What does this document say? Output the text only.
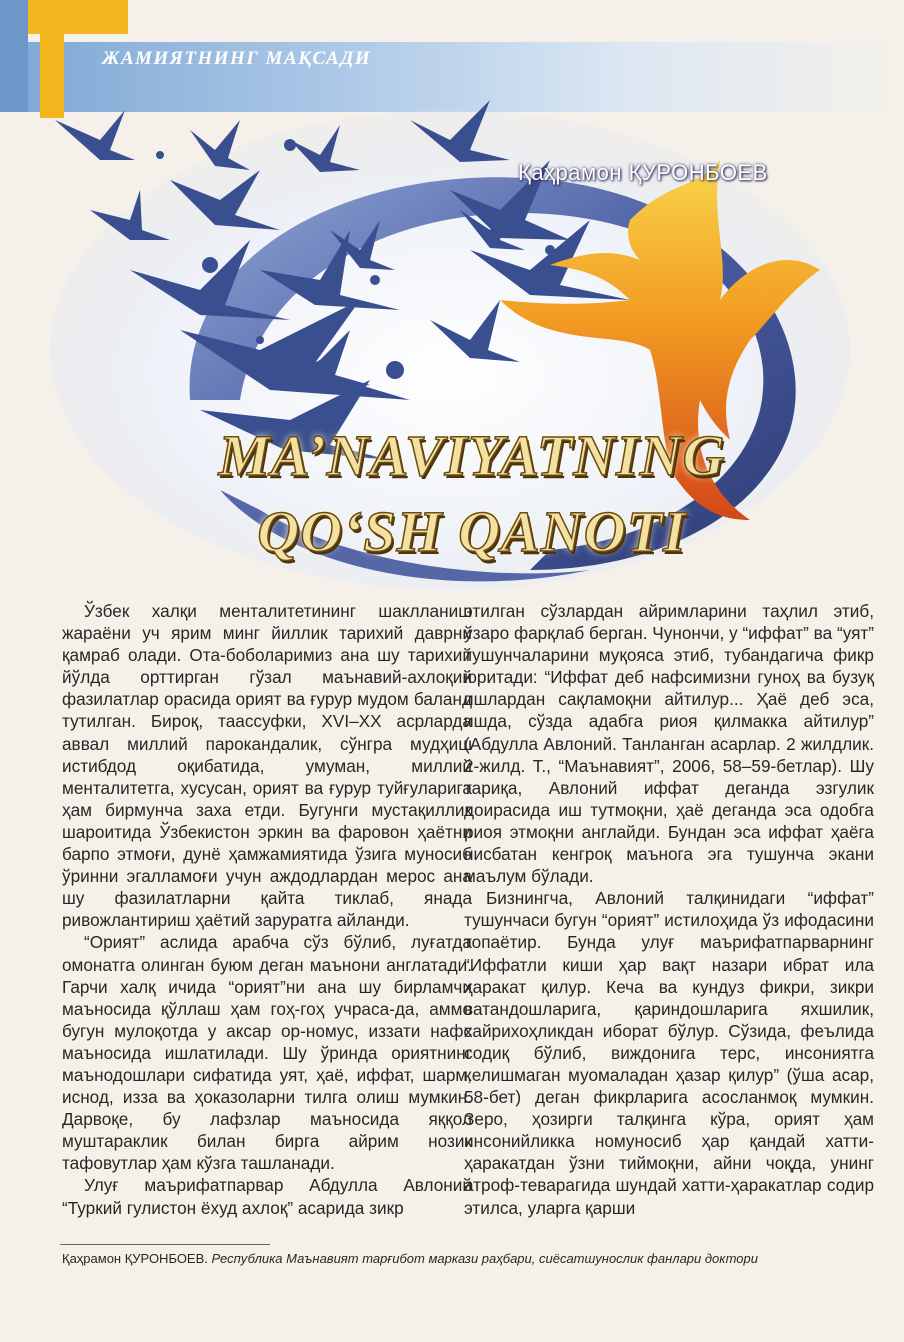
ЖАМИЯТНИНГ МАҚСАДИ
Қаҳрамон ҚУРОНБОЕВ
MA’NAVIYATNING
QO‘SH QANOTI

Ўзбек халқи менталитетининг шаклланиш жараёни уч ярим минг йиллик тарихий даврни қамраб олади. Ота-боболаримиз ана шу тарихий йўлда орттирган гўзал маънавий-ахлоқий фазилатлар орасида орият ва ғурур мудом баланд тутилган. Бироқ, таассуфки, XVI–XX асрларда аввал миллий парокандалик, сўнгра мудҳиш истибдод оқибатида, умуман, миллий менталитетга, хусусан, орият ва ғурур туйғуларига ҳам бирмунча заха етди. Бугунги мустақиллик шароитида Ўзбекистон эркин ва фаровон ҳаётни барпо этмоғи, дунё ҳамжамиятида ўзига муносиб ўринни эгалламоғи учун аждодлардан мерос ана шу фазилатларни қайта тиклаб, янада ривожлантириш ҳаётий заруратга айланди.

“Орият” аслида арабча сўз бўлиб, луғатда омонатга олинган буюм деган маънони англатади. Гарчи халқ ичида “орият”ни ана шу бирламчи маъносида қўллаш ҳам гоҳ-гоҳ учраса-да, аммо бугун мулоқотда у аксар ор-номус, иззати нафс маъносида ишлатилади. Шу ўринда ориятнинг маънодошлари сифатида уят, ҳаё, иффат, шарм, иснод, изза ва ҳоказоларни тилга олиш мумкин. Дарвоқе, бу лафзлар маъносида яққол муштараклик билан бирга айрим нозик тафовутлар ҳам кўзга ташланади.

Улуғ маърифатпарвар Абдулла Авлоний “Туркий гулистон ёхуд ахлоқ” асарида зикр

этилган сўзлардан айримларини таҳлил этиб, ўзаро фарқлаб берган. Чунончи, у “иффат” ва “уят” тушунчаларини муқояса этиб, тубандагича фикр юритади: “Иффат деб нафсимизни гуноҳ ва бузуқ ишлардан сақламоқни айтилур... Ҳаё деб эса, ишда, сўзда адабга риоя қилмакка айтилур” (Абдулла Авлоний. Танланган асарлар. 2 жилдлик. 2-жилд. Т., “Маънавият”, 2006, 58–59-бетлар). Шу тариқа, Авлоний иффат деганда эзгулик доирасида иш тутмоқни, ҳаё деганда эса одобга риоя этмоқни англайди. Бундан эса иффат ҳаёга нисбатан кенгроқ маънога эга тушунча экани маълум бўлади.

Бизнингча, Авлоний талқинидаги “иффат” тушунчаси бугун “орият” истилоҳида ўз ифодасини топаётир. Бунда улуғ маърифатпарварнинг “Иффатли киши ҳар вақт назари ибрат ила ҳаракат қилур. Кеча ва кундуз фикри, зикри ватандошларига, қариндошларига яхшилик, хайрихоҳликдан иборат бўлур. Сўзида, феълида содиқ бўлиб, виждонига терс, инсониятга келишмаган муомаладан ҳазар қилур” (ўша асар, 58-бет) деган фикрларига асосланмоқ мумкин. Зеро, ҳозирги талқинга кўра, орият ҳам инсонийликка номуносиб ҳар қандай хатти-ҳаракатдан ўзни тиймоқни, айни чоқда, унинг атроф-теварагида шундай хатти-ҳаракатлар содир этилса, уларга қарши

Қаҳрамон ҚУРОНБОЕВ. Республика Маънавият тарғибот маркази раҳбари, сиёсатшунослик фанлари доктори
